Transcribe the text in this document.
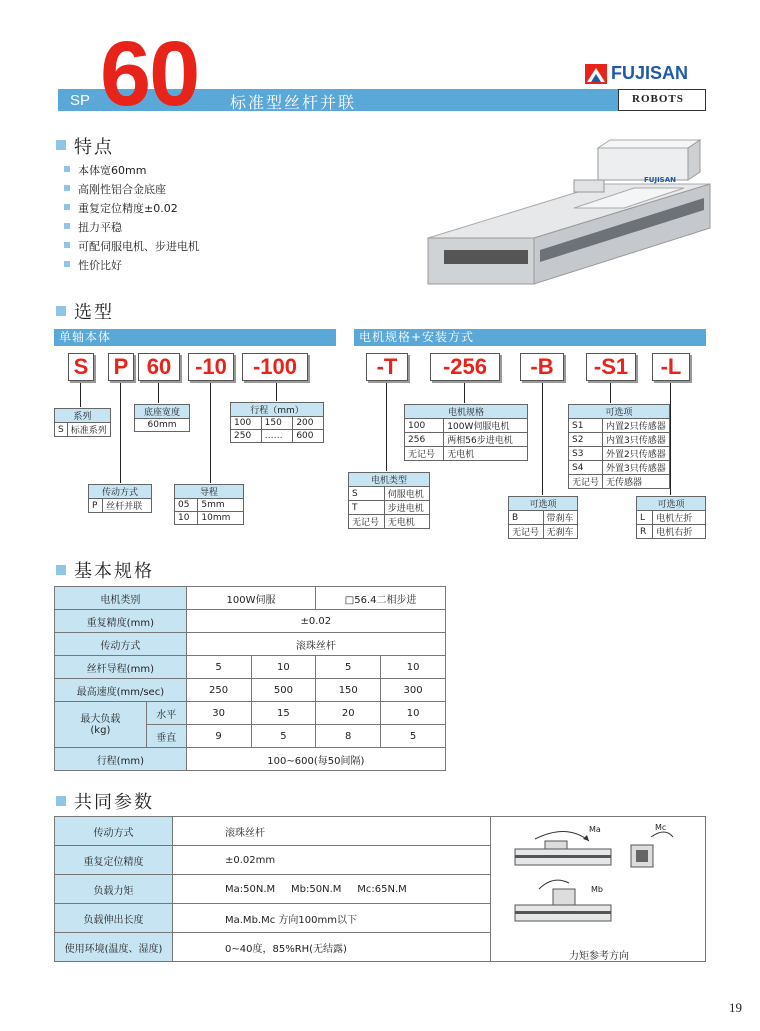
SP 60 标准型丝杆并联
FUJISAN
ROBOTS
特点
本体宽60mm
高刚性铝合金底座
重复定位精度±0.02
扭力平稳
可配伺服电机、步进电机
性价比好
FUJISAN
选型
单轴本体	电机规格+安装方式
S P 60	-10	-100	-T	-256	-B	-S1	-L
系列
S	标准系列
底座宽度
60mm
行程（mm）		
100	150	200
250	……	600
传动方式
P	丝杆并联
导程	
05	5mm
10	10mm
电机规格	
100	100W伺服电机
256	两相56步进电机
无记号	无电机
电机类型	
S	伺服电机
T	步进电机
无记号	无电机
可选项	
S1	内置2只传感器
S2	内置3只传感器
S3	外置2只传感器
S4	外置3只传感器
无记号	无传感器
可选项	
B	带刹车
无记号	无刹车
可选项	
L	电机左折
R	电机右折
基本规格
电机类别		100W伺服		□56.4二相步进	
重复精度(mm)		±0.02			
传动方式		滚珠丝杆			
丝杆导程(mm)		5	10	5	10
最高速度(mm/sec)		250	500	150	300
最大负载
(kg)	水平	30	15	20	10
	垂直	9	5	8	5
行程(mm)		100~600(每50间隔)			
共同参数
传动方式	滚珠丝杆	Ma Mc
Mb
力矩参考方向

重复定位精度	±0.02mm	
负载力矩	Ma:50N.M     Mb:50N.M     Mc:65N.M	
负载伸出长度	Ma.Mb.Mc 方向100mm以下	
使用环境(温度、湿度)	0~40度，85%RH(无结露)	
19
